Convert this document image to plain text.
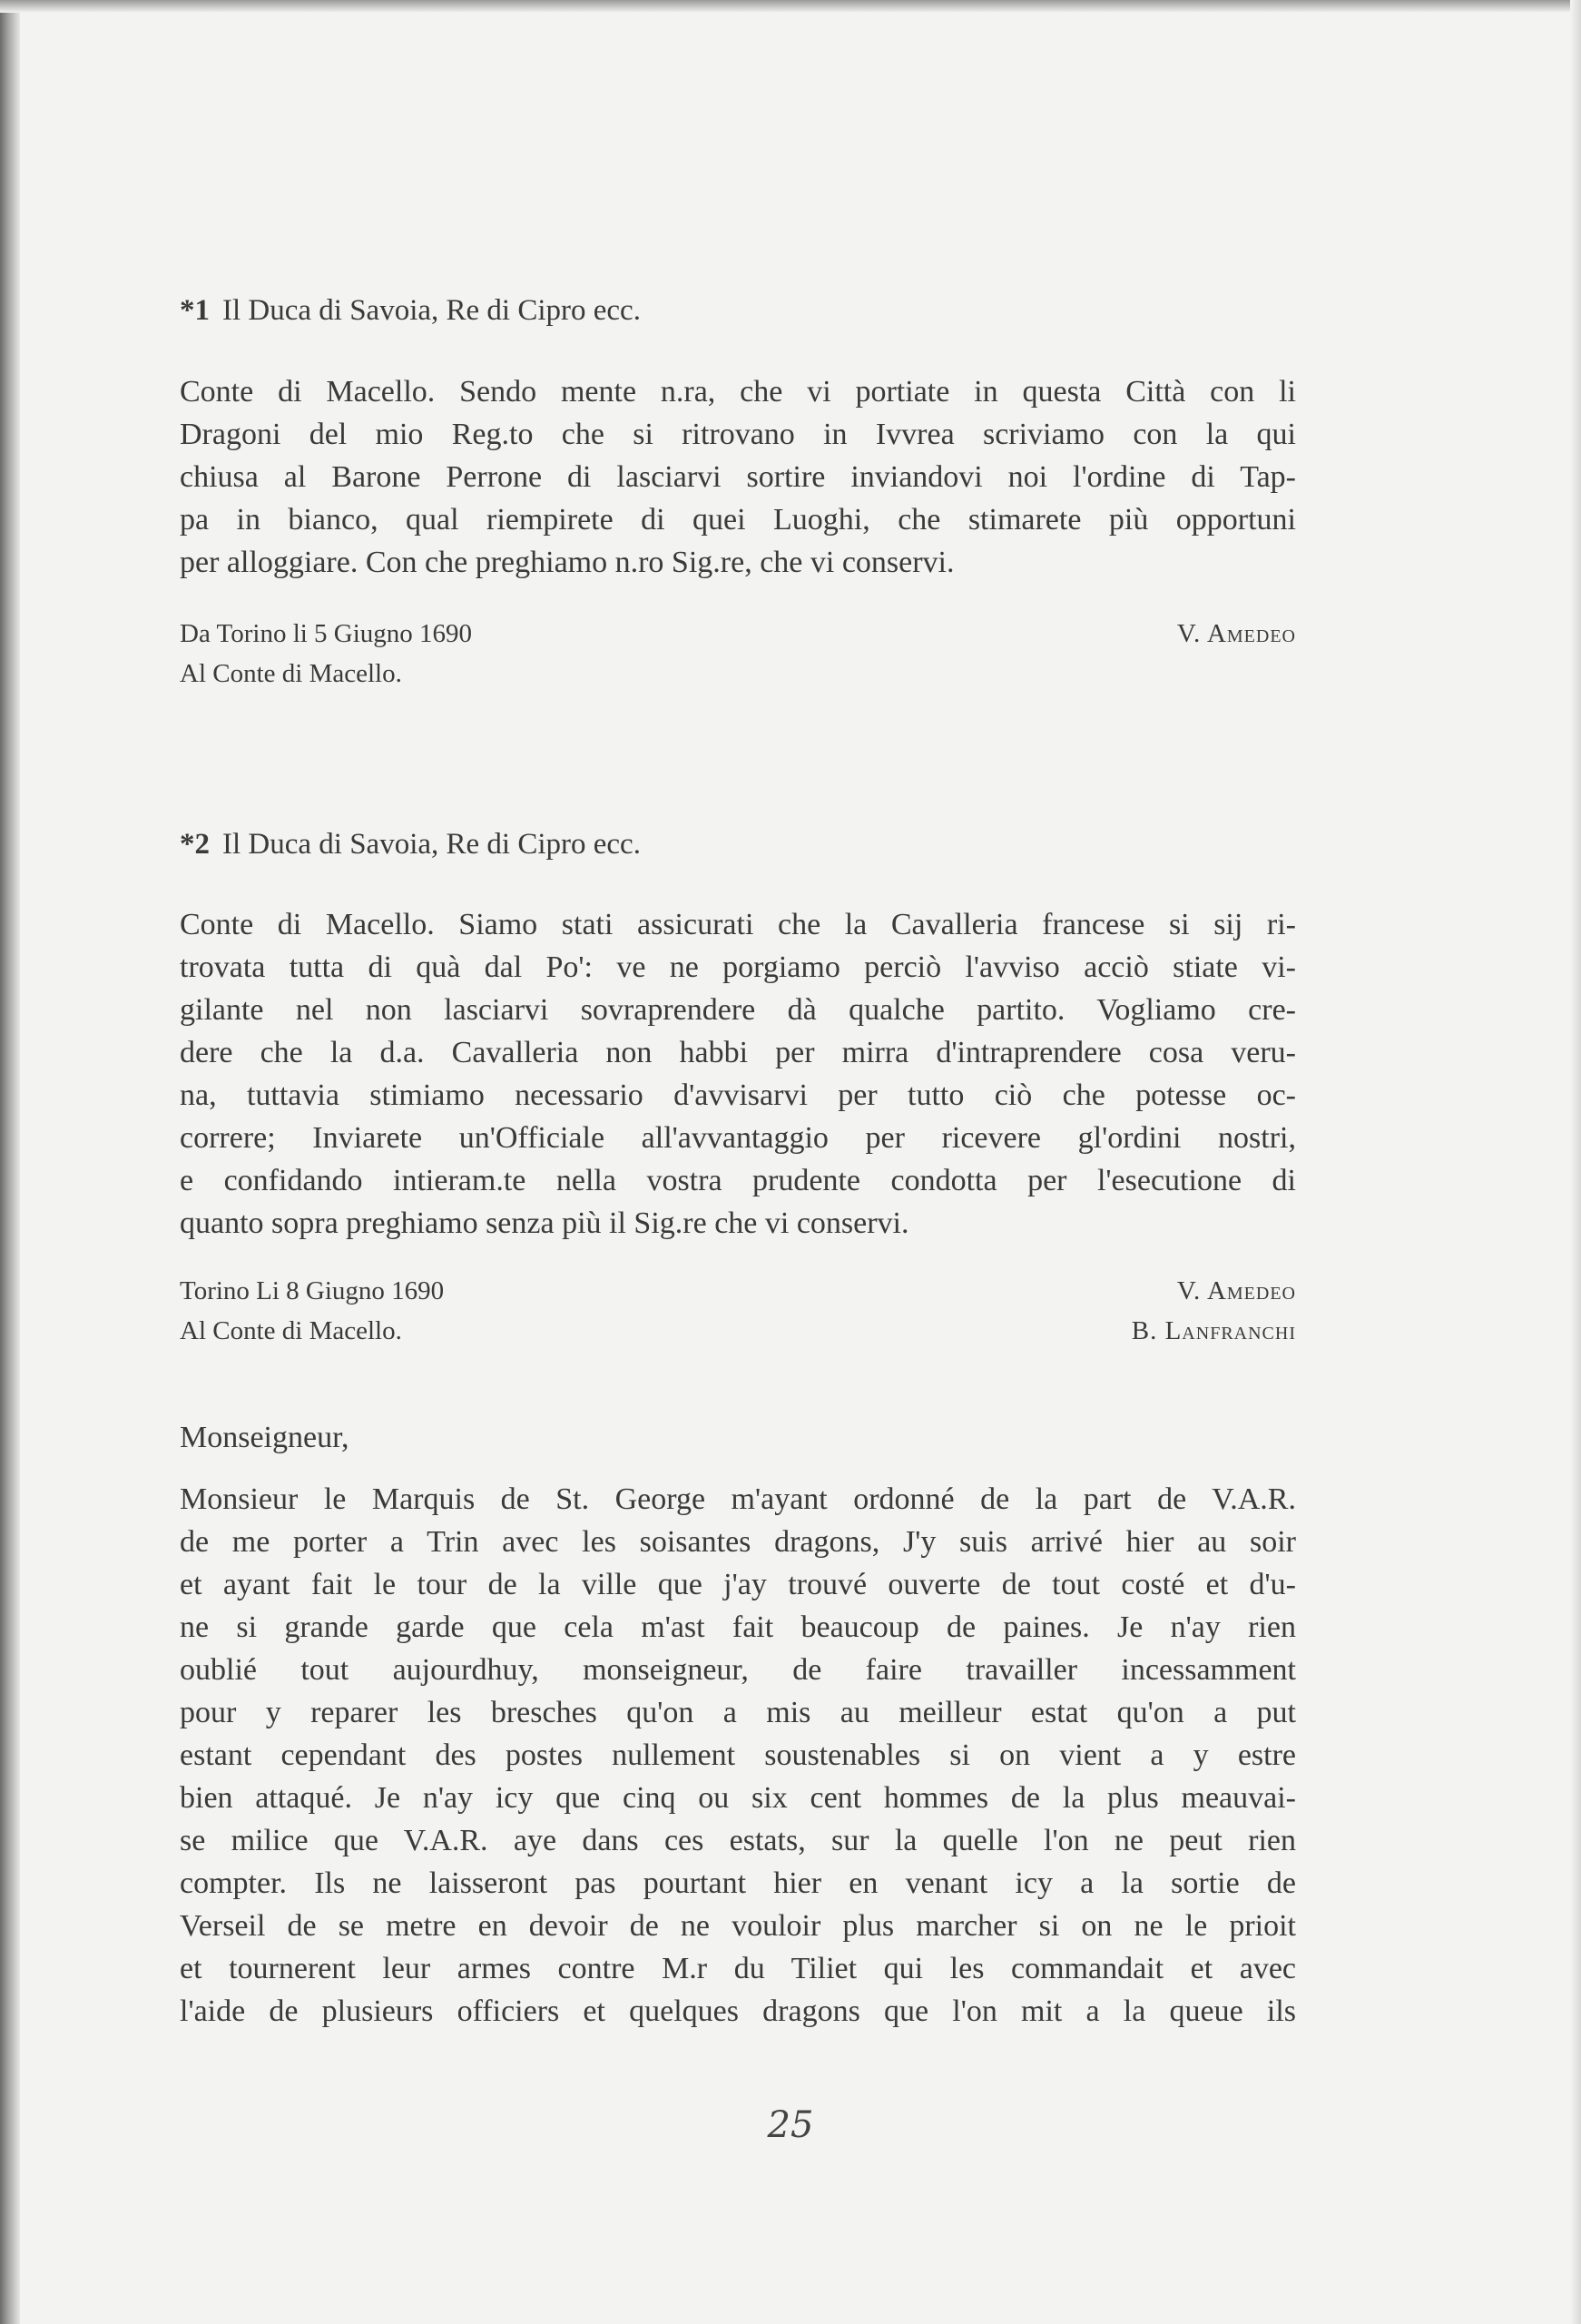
*1 Il Duca di Savoia, Re di Cipro ecc.
Conte di Macello. Sendo mente n.ra, che vi portiate in questa Città con li
Dragoni del mio Reg.to che si ritrovano in Ivvrea scriviamo con la qui
chiusa al Barone Perrone di lasciarvi sortire inviandovi noi l'ordine di Tap-
pa in bianco, qual riempirete di quei Luoghi, che stimarete più opportuni
per alloggiare. Con che preghiamo n.ro Sig.re, che vi conservi.
Da Torino li 5 Giugno 1690	V. Amedeo
Al Conte di Macello.
*2 Il Duca di Savoia, Re di Cipro ecc.
Conte di Macello. Siamo stati assicurati che la Cavalleria francese si sij ri-
trovata tutta di quà dal Po': ve ne porgiamo perciò l'avviso acciò stiate vi-
gilante nel non lasciarvi sovraprendere dà qualche partito. Vogliamo cre-
dere che la d.a. Cavalleria non habbi per mirra d'intraprendere cosa veru-
na, tuttavia stimiamo necessario d'avvisarvi per tutto ciò che potesse oc-
correre; Inviarete un'Officiale all'avvantaggio per ricevere gl'ordini nostri,
e confidando intieram.te nella vostra prudente condotta per l'esecutione di
quanto sopra preghiamo senza più il Sig.re che vi conservi.
Torino Li 8 Giugno 1690	V. Amedeo
Al Conte di Macello.	B. Lanfranchi
Monseigneur,
Monsieur le Marquis de St. George m'ayant ordonné de la part de V.A.R.
de me porter a Trin avec les soisantes dragons, J'y suis arrivé hier au soir
et ayant fait le tour de la ville que j'ay trouvé ouverte de tout costé et d'u-
ne si grande garde que cela m'ast fait beaucoup de paines. Je n'ay rien
oublié tout aujourdhuy, monseigneur, de faire travailler incessamment
pour y reparer les bresches qu'on a mis au meilleur estat qu'on a put
estant cependant des postes nullement soustenables si on vient a y estre
bien attaqué. Je n'ay icy que cinq ou six cent hommes de la plus meauvai-
se milice que V.A.R. aye dans ces estats, sur la quelle l'on ne peut rien
compter. Ils ne laisseront pas pourtant hier en venant icy a la sortie de
Verseil de se metre en devoir de ne vouloir plus marcher si on ne le prioit
et tournerent leur armes contre M.r du Tiliet qui les commandait et avec
l'aide de plusieurs officiers et quelques dragons que l'on mit a la queue ils
25
